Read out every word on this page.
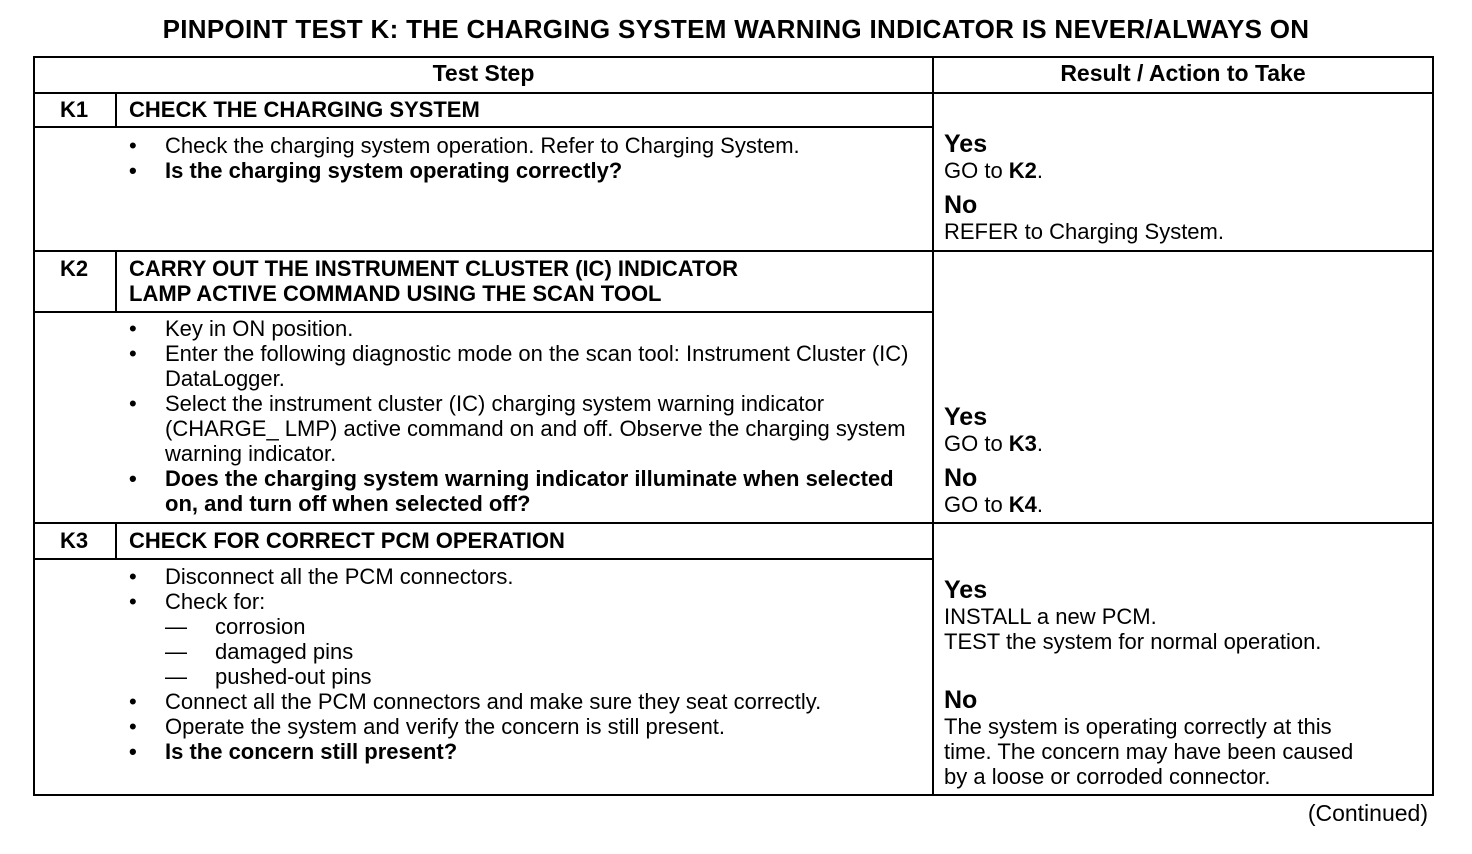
PINPOINT TEST K: THE CHARGING SYSTEM WARNING INDICATOR IS NEVER/ALWAYS ON
Test Step	Result / Action to Take
K1	CHECK THE CHARGING SYSTEM
• Check the charging system operation. Refer to Charging System.
• Is the charging system operating correctly?
Yes
GO to K2.
No
REFER to Charging System.
K2	CARRY OUT THE INSTRUMENT CLUSTER (IC) INDICATOR
LAMP ACTIVE COMMAND USING THE SCAN TOOL
• Key in ON position.
• Enter the following diagnostic mode on the scan tool: Instrument Cluster (IC) DataLogger.
• Select the instrument cluster (IC) charging system warning indicator (CHARGE_ LMP) active command on and off. Observe the charging system warning indicator.
• Does the charging system warning indicator illuminate when selected on, and turn off when selected off?
Yes
GO to K3.
No
GO to K4.
K3	CHECK FOR CORRECT PCM OPERATION
• Disconnect all the PCM connectors.
• Check for:
— corrosion
— damaged pins
— pushed-out pins
• Connect all the PCM connectors and make sure they seat correctly.
• Operate the system and verify the concern is still present.
• Is the concern still present?
Yes
INSTALL a new PCM.
TEST the system for normal operation.
No
The system is operating correctly at this
time. The concern may have been caused
by a loose or corroded connector.
(Continued)
